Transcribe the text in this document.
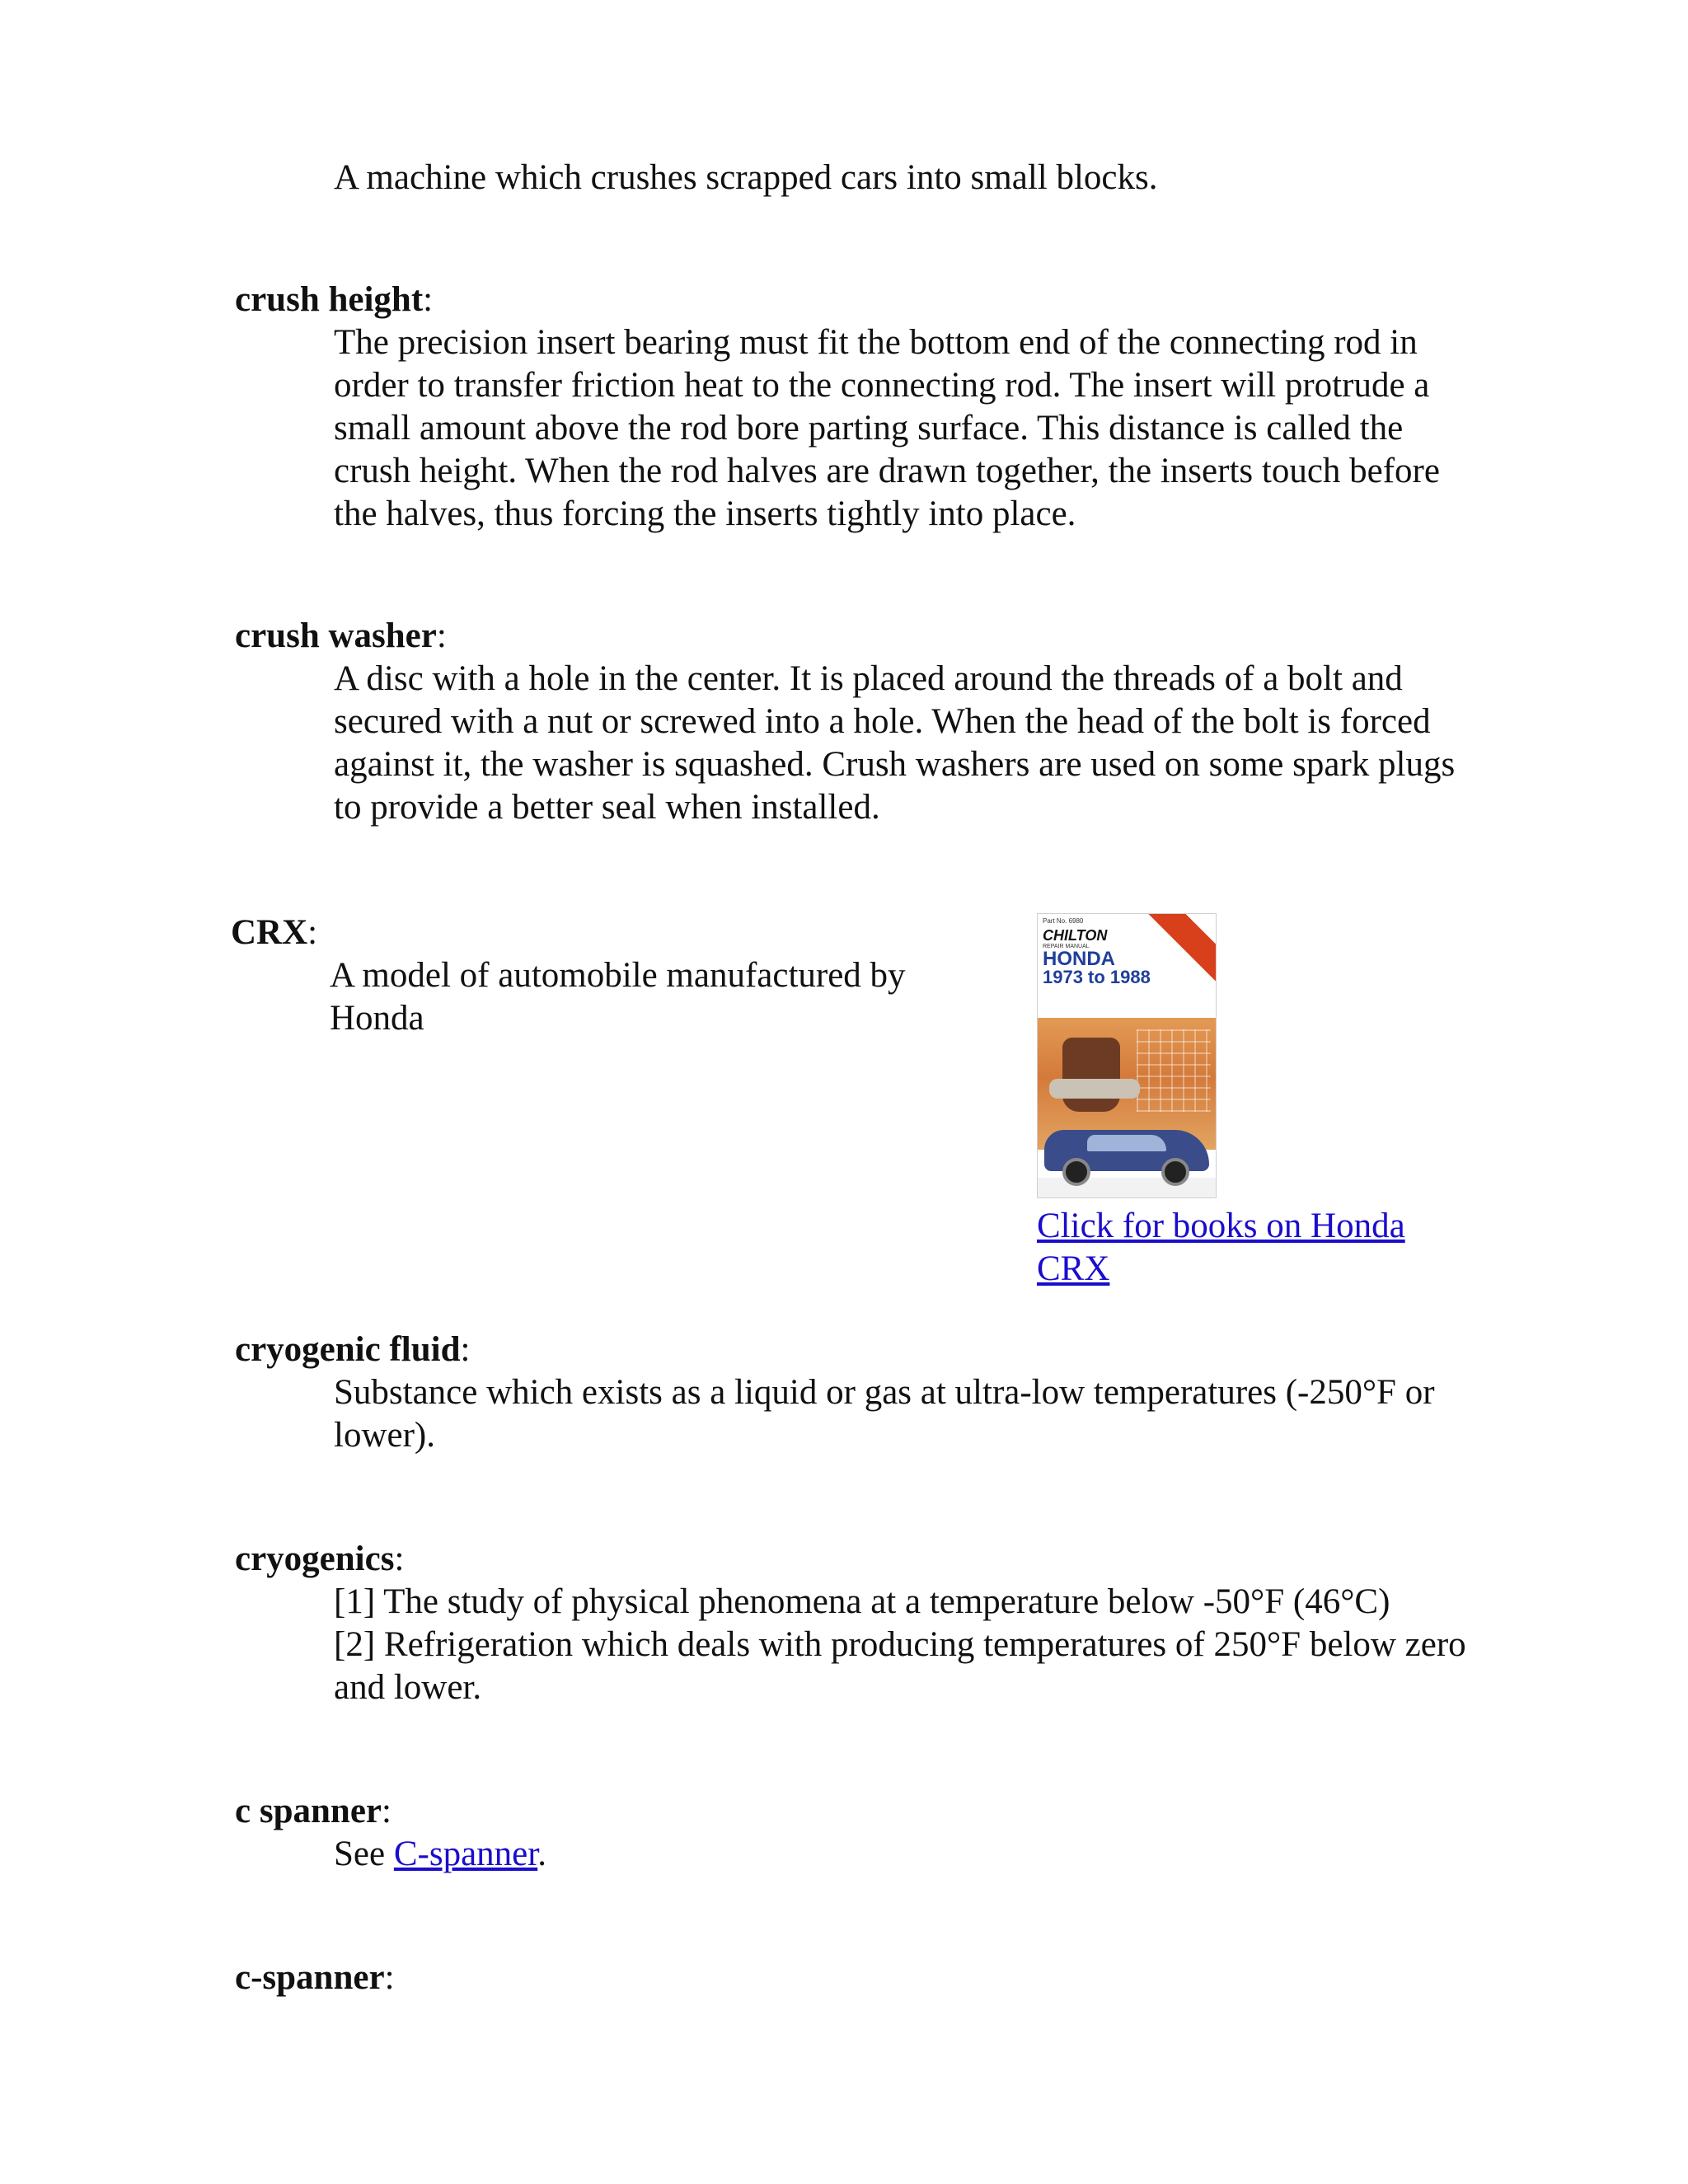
A machine which crushes scrapped cars into small blocks.

crush height:

The precision insert bearing must fit the bottom end of the connecting rod in order to transfer friction heat to the connecting rod. The insert will protrude a small amount above the rod bore parting surface. This distance is called the crush height. When the rod halves are drawn together, the inserts touch before the halves, thus forcing the inserts tightly into place.

crush washer:

A disc with a hole in the center. It is placed around the threads of a bolt and secured with a nut or screwed into a hole. When the head of the bolt is forced against it, the washer is squashed. Crush washers are used on some spark plugs to provide a better seal when installed.

CRX:

A model of automobile manufactured by Honda

Part No. 6980
CHILTON
REPAIR MANUAL
HONDA
1973 to 1988
Click for books on Honda CRX

cryogenic fluid:

Substance which exists as a liquid or gas at ultra-low temperatures (-250°F or lower).

cryogenics:

[1] The study of physical phenomena at a temperature below -50°F (46°C)
[2] Refrigeration which deals with producing temperatures of 250°F below zero and lower.

c spanner:

See C-spanner.

c-spanner:
